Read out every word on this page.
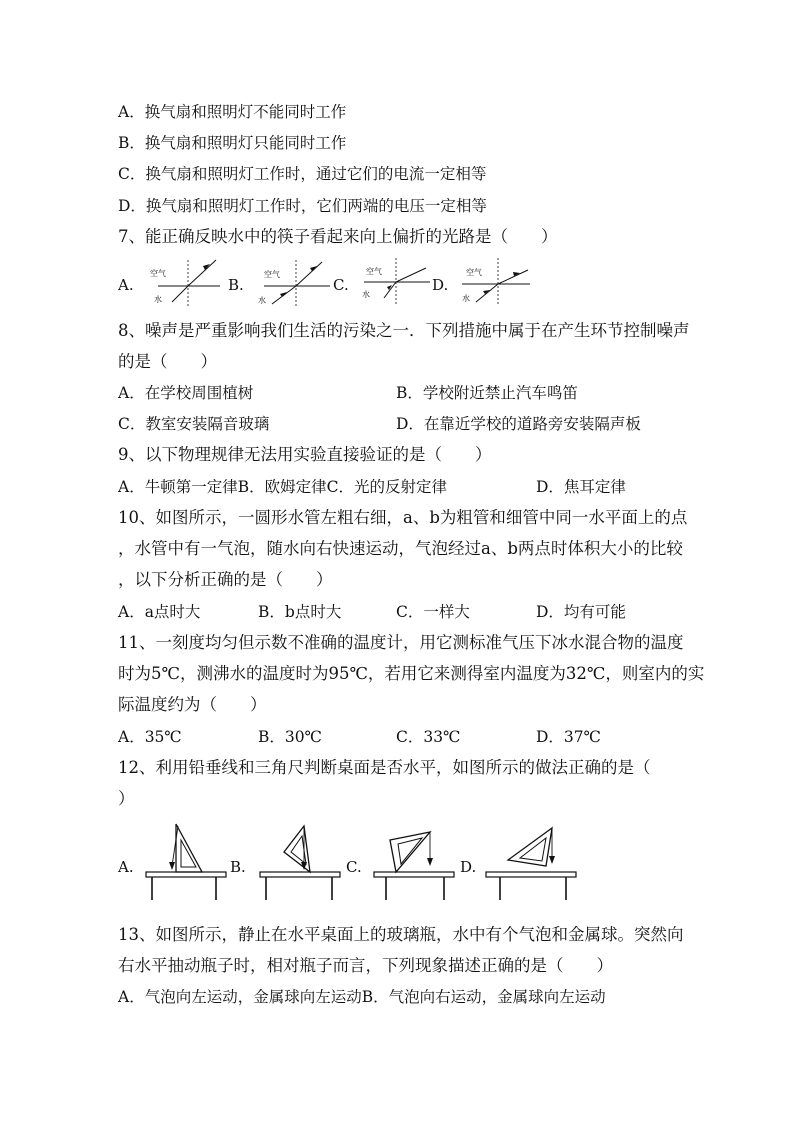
A．换气扇和照明灯不能同时工作
B．换气扇和照明灯只能同时工作
C．换气扇和照明灯工作时，通过它们的电流一定相等
D．换气扇和照明灯工作时，它们两端的电压一定相等
7、能正确反映水中的筷子看起来向上偏折的光路是（　　）
A.	B.	C.	D.
空气
水
空气
水
空气
水
空气
水
8、噪声是严重影响我们生活的污染之一．下列措施中属于在产生环节控制噪声
的是（　　）
A．在学校周围植树	B．学校附近禁止汽车鸣笛
C．教室安装隔音玻璃	D．在靠近学校的道路旁安装隔声板
9、以下物理规律无法用实验直接验证的是（　　）
A．牛顿第一定律B．欧姆定律C．光的反射定律	D．焦耳定律
10、如图所示，一圆形水管左粗右细，a、b为粗管和细管中同一水平面上的点
，水管中有一气泡，随水向右快速运动，气泡经过a、b两点时体积大小的比较
，以下分析正确的是（　　）
A．a点时大	B．b点时大	C．一样大	D．均有可能
11、一刻度均匀但示数不准确的温度计，用它测标准气压下冰水混合物的温度
时为5℃，测沸水的温度时为95℃，若用它来测得室内温度为32℃，则室内的实
际温度约为（　　）
A．35℃	B．30℃	C．33℃	D．37℃
12、利用铅垂线和三角尺判断桌面是否水平，如图所示的做法正确的是（
）
A.	B.	C.	D.
13、如图所示，静止在水平桌面上的玻璃瓶，水中有个气泡和金属球。突然向
右水平抽动瓶子时，相对瓶子而言，下列现象描述正确的是（　　）
A．气泡向左运动，金属球向左运动B．气泡向右运动，金属球向左运动
